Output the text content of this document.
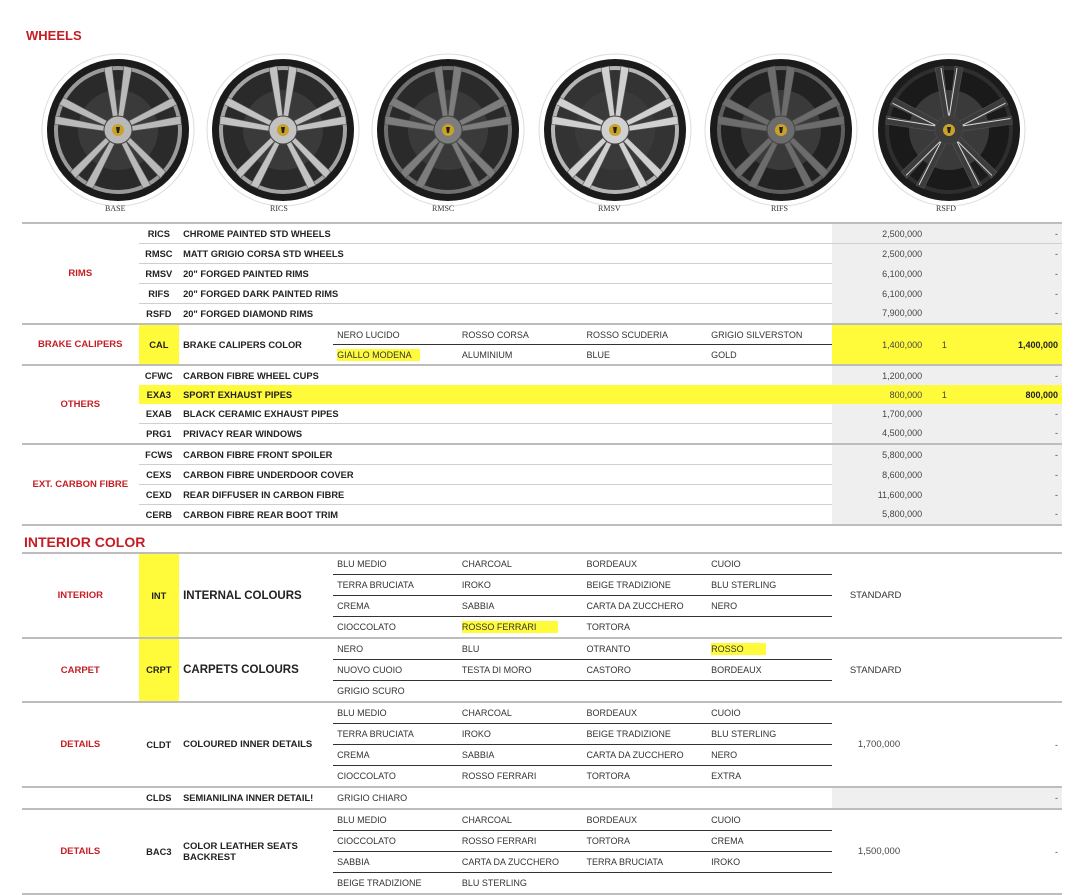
WHEELS
BASE	RICS	RMSC	RMSV	RIFS	RSFD
RIMS	RICS	CHROME PAINTED STD WHEELS					2,500,000		-
	RMSC	MATT GRIGIO CORSA STD WHEELS					2,500,000		-
	RMSV	20" FORGED PAINTED RIMS					6,100,000		-
	RIFS	20" FORGED DARK PAINTED RIMS					6,100,000		-
	RSFD	20" FORGED DIAMOND RIMS					7,900,000		-
BRAKE CALIPERS	CAL	BRAKE CALIPERS COLOR	NERO LUCIDO	ROSSO CORSA	ROSSO SCUDERIA	GRIGIO SILVERSTON	1,400,000	1	1,400,000
			GIALLO MODENA	ALUMINIUM	BLUE	GOLD			
OTHERS	CFWC	CARBON FIBRE WHEEL CUPS					1,200,000		-
	EXA3	SPORT EXHAUST PIPES					800,000	1	800,000
	EXAB	BLACK CERAMIC EXHAUST PIPES					1,700,000		-
	PRG1	PRIVACY REAR WINDOWS					4,500,000		-
EXT. CARBON FIBRE	FCWS	CARBON FIBRE FRONT SPOILER					5,800,000		-
	CEXS	CARBON FIBRE UNDERDOOR COVER					8,600,000		-
	CEXD	REAR DIFFUSER IN CARBON FIBRE					11,600,000		-
	CERB	CARBON FIBRE REAR BOOT TRIM					5,800,000		-
INTERIOR COLOR
INTERIOR	INT	INTERNAL COLOURS	BLU MEDIO	CHARCOAL	BORDEAUX	CUOIO	STANDARD		
			TERRA BRUCIATA	IROKO	BEIGE TRADIZIONE	BLU STERLING			
			CREMA	SABBIA	CARTA DA ZUCCHERO	NERO			
			CIOCCOLATO	ROSSO FERRARI	TORTORA				
CARPET	CRPT	CARPETS COLOURS	NERO	BLU	OTRANTO	ROSSO	STANDARD		
			NUOVO CUOIO	TESTA DI MORO	CASTORO	BORDEAUX			
			GRIGIO SCURO						
DETAILS	CLDT	COLOURED INNER DETAILS	BLU MEDIO	CHARCOAL	BORDEAUX	CUOIO	1,700,000		-
			TERRA BRUCIATA	IROKO	BEIGE TRADIZIONE	BLU STERLING			
			CREMA	SABBIA	CARTA DA ZUCCHERO	NERO			
			CIOCCOLATO	ROSSO FERRARI	TORTORA	EXTRA			
	CLDS	SEMIANILINA INNER DETAIL!	GRIGIO CHIARO						-
DETAILS	BAC3	COLOR LEATHER SEATS BACKREST	BLU MEDIO	CHARCOAL	BORDEAUX	CUOIO	1,500,000		-
			CIOCCOLATO	ROSSO FERRARI	TORTORA	CREMA			
			SABBIA	CARTA DA ZUCCHERO	TERRA BRUCIATA	IROKO			
			BEIGE TRADIZIONE	BLU STERLING					
